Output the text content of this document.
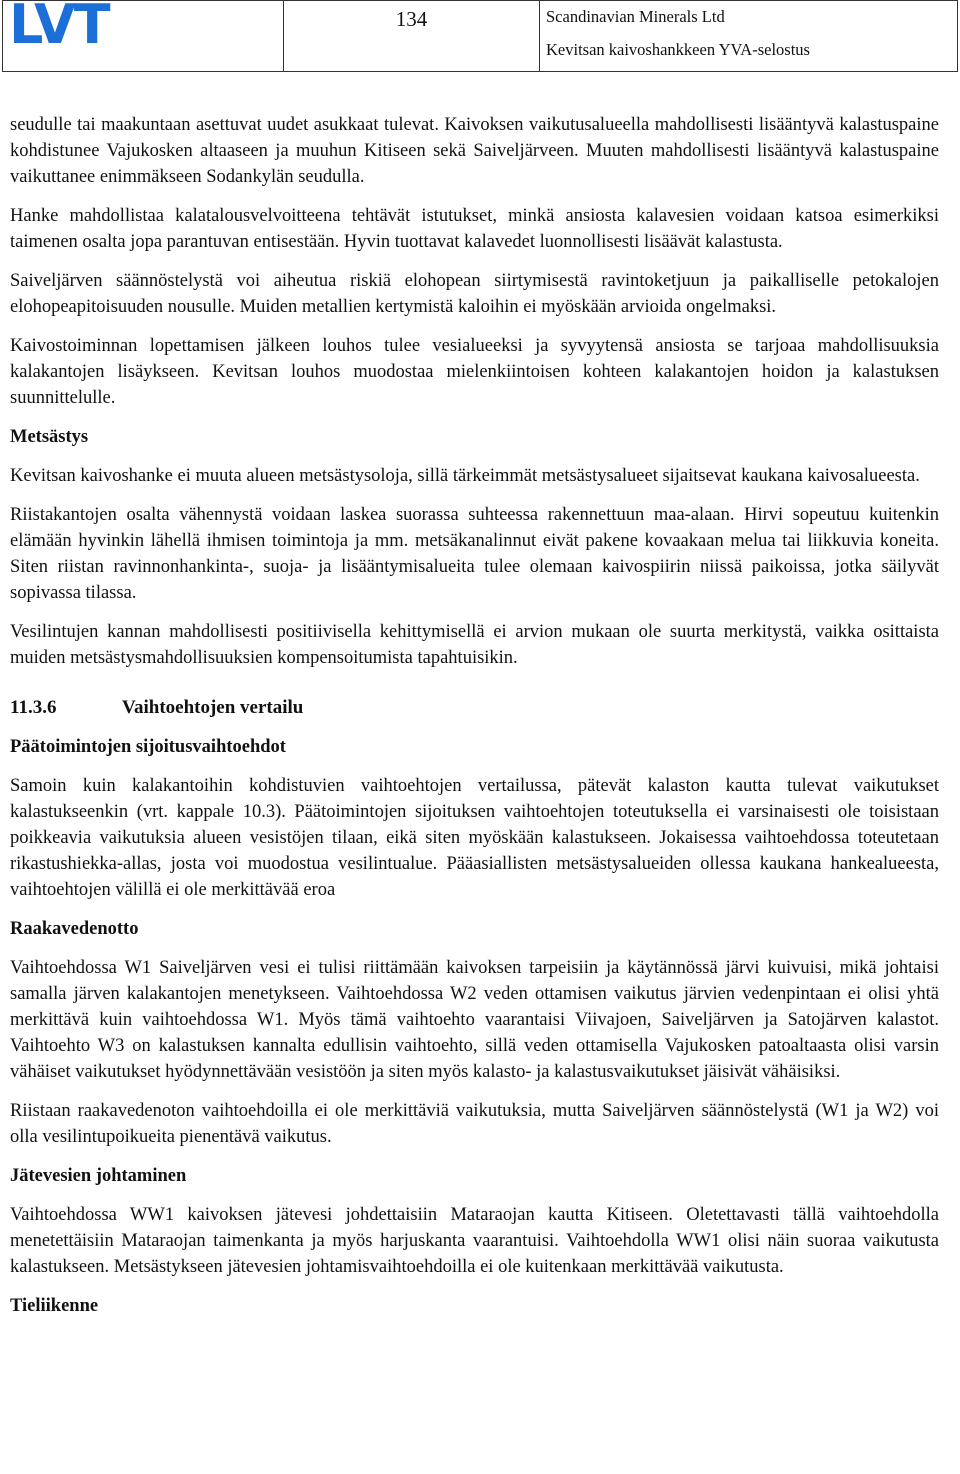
LVT	134	Scandinavian Minerals Ltd
Kevitsan kaivoshankkeen YVA-selostus

seudulle tai maakuntaan asettuvat uudet asukkaat tulevat. Kaivoksen vaikutusalueella mahdollisesti lisääntyvä kalastuspaine kohdistunee Vajukosken altaaseen ja muuhun Kitiseen sekä Saiveljärveen. Muuten mahdollisesti lisääntyvä kalastuspaine vaikuttanee enimmäkseen Sodankylän seudulla.

Hanke mahdollistaa kalatalousvelvoitteena tehtävät istutukset, minkä ansiosta kalavesien voidaan katsoa esimerkiksi taimenen osalta jopa parantuvan entisestään. Hyvin tuottavat kalavedet luonnollisesti lisäävät kalastusta.

Saiveljärven säännöstelystä voi aiheutua riskiä elohopean siirtymisestä ravintoketjuun ja paikalliselle petokalojen elohopeapitoisuuden nousulle. Muiden metallien kertymistä kaloihin ei myöskään arvioida ongelmaksi.

Kaivostoiminnan lopettamisen jälkeen louhos tulee vesialueeksi ja syvyytensä ansiosta se tarjoaa mahdollisuuksia kalakantojen lisäykseen. Kevitsan louhos muodostaa mielenkiintoisen kohteen kalakantojen hoidon ja kalastuksen suunnittelulle.

Metsästys

Kevitsan kaivoshanke ei muuta alueen metsästysoloja, sillä tärkeimmät metsästysalueet sijaitsevat kaukana kaivosalueesta.

Riistakantojen osalta vähennystä voidaan laskea suorassa suhteessa rakennettuun maa-alaan. Hirvi sopeutuu kuitenkin elämään hyvinkin lähellä ihmisen toimintoja ja mm. metsäkanalinnut eivät pakene kovaakaan melua tai liikkuvia koneita. Siten riistan ravinnonhankinta-, suoja- ja lisääntymisalueita tulee olemaan kaivospiirin niissä paikoissa, jotka säilyvät sopivassa tilassa.

Vesilintujen kannan mahdollisesti positiivisella kehittymisellä ei arvion mukaan ole suurta merkitystä, vaikka osittaista muiden metsästysmahdollisuuksien kompensoitumista tapahtuisikin.

11.3.6	Vaihtoehtojen vertailu
Päätoimintojen sijoitusvaihtoehdot

Samoin kuin kalakantoihin kohdistuvien vaihtoehtojen vertailussa, pätevät kalaston kautta tulevat vaikutukset kalastukseenkin (vrt. kappale 10.3). Päätoimintojen sijoituksen vaihtoehtojen toteutuksella ei varsinaisesti ole toisistaan poikkeavia vaikutuksia alueen vesistöjen tilaan, eikä siten myöskään kalastukseen. Jokaisessa vaihtoehdossa toteutetaan rikastushiekka-allas, josta voi muodostua vesilintualue. Pääasiallisten metsästysalueiden ollessa kaukana hankealueesta, vaihtoehtojen välillä ei ole merkittävää eroa

Raakavedenotto

Vaihtoehdossa W1 Saiveljärven vesi ei tulisi riittämään kaivoksen tarpeisiin ja käytännössä järvi kuivuisi, mikä johtaisi samalla järven kalakantojen menetykseen. Vaihtoehdossa W2 veden ottamisen vaikutus järvien vedenpintaan ei olisi yhtä merkittävä kuin vaihtoehdossa W1. Myös tämä vaihtoehto vaarantaisi Viivajoen, Saiveljärven ja Satojärven kalastot. Vaihtoehto W3 on kalastuksen kannalta edullisin vaihtoehto, sillä veden ottamisella Vajukosken patoaltaasta olisi varsin vähäiset vaikutukset hyödynnettävään vesistöön ja siten myös kalasto- ja kalastusvaikutukset jäisivät vähäisiksi.

Riistaan raakavedenoton vaihtoehdoilla ei ole merkittäviä vaikutuksia, mutta Saiveljärven säännöstelystä (W1 ja W2) voi olla vesilintupoikueita pienentävä vaikutus.

Jätevesien johtaminen

Vaihtoehdossa WW1 kaivoksen jätevesi johdettaisiin Mataraojan kautta Kitiseen. Oletettavasti tällä vaihtoehdolla menetettäisiin Mataraojan taimenkanta ja myös harjuskanta vaarantuisi. Vaihtoehdolla WW1 olisi näin suoraa vaikutusta kalastukseen. Metsästykseen jätevesien johtamisvaihtoehdoilla ei ole kuitenkaan merkittävää vaikutusta.

Tieliikenne
